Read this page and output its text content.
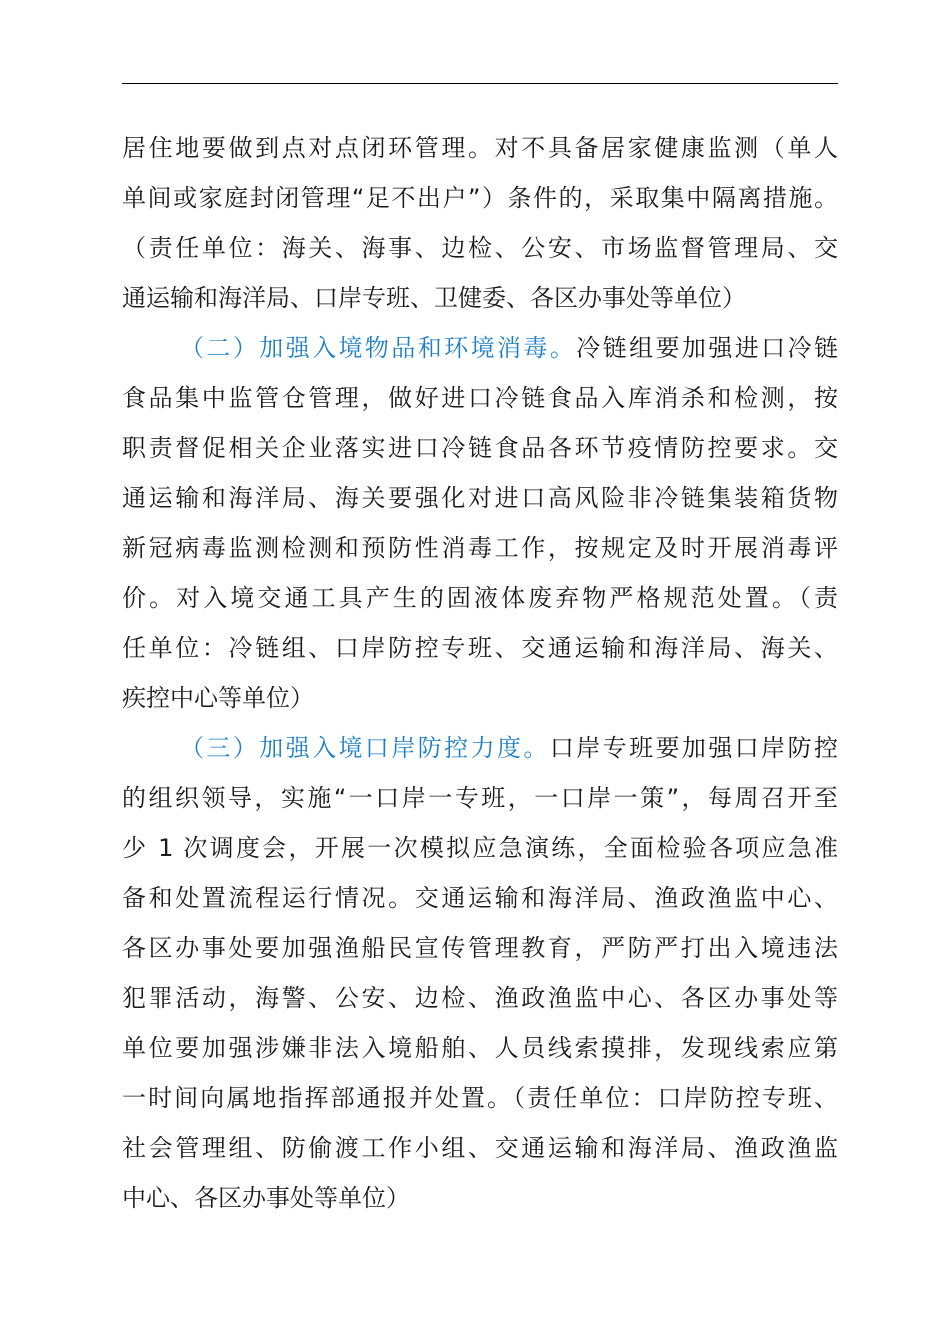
居住地要做到点对点闭环管理。对不具备居家健康监测（单人
单间或家庭封闭管理“足不出户”）条件的，采取集中隔离措施。
（责任单位：海关、海事、边检、公安、市场监督管理局、交
通运输和海洋局、口岸专班、卫健委、各区办事处等单位）
（二）加强入境物品和环境消毒。冷链组要加强进口冷链
食品集中监管仓管理，做好进口冷链食品入库消杀和检测，按
职责督促相关企业落实进口冷链食品各环节疫情防控要求。交
通运输和海洋局、海关要强化对进口高风险非冷链集装箱货物
新冠病毒监测检测和预防性消毒工作，按规定及时开展消毒评
价。对入境交通工具产生的固液体废弃物严格规范处置。（责
任单位：冷链组、口岸防控专班、交通运输和海洋局、海关、
疾控中心等单位）
（三）加强入境口岸防控力度。口岸专班要加强口岸防控
的组织领导，实施“一口岸一专班，一口岸一策”，每周召开至
少 1 次调度会，开展一次模拟应急演练，全面检验各项应急准
备和处置流程运行情况。交通运输和海洋局、渔政渔监中心、
各区办事处要加强渔船民宣传管理教育，严防严打出入境违法
犯罪活动，海警、公安、边检、渔政渔监中心、各区办事处等
单位要加强涉嫌非法入境船舶、人员线索摸排，发现线索应第
一时间向属地指挥部通报并处置。（责任单位：口岸防控专班、
社会管理组、防偷渡工作小组、交通运输和海洋局、渔政渔监
中心、各区办事处等单位）
